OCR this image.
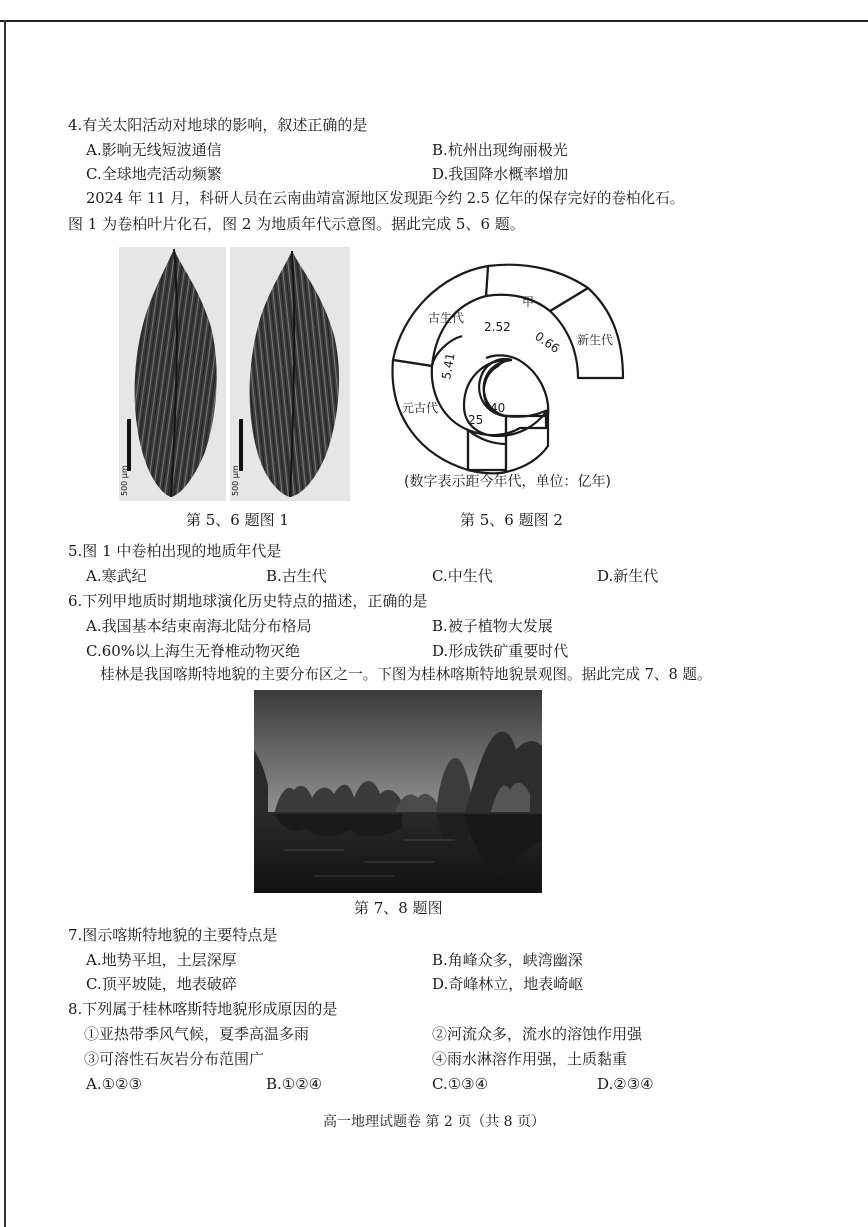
4.有关太阳活动对地球的影响，叙述正确的是
A.影响无线短波通信	B.杭州出现绚丽极光
C.全球地壳活动频繁	D.我国降水概率增加
2024 年 11 月，科研人员在云南曲靖富源地区发现距今约 2.5 亿年的保存完好的卷柏化石。
图 1 为卷柏叶片化石，图 2 为地质年代示意图。据此完成 5、6 题。
500 μm	500 μm
第 5、6 题图 1
古生代
甲
新生代
元古代
2.52
0.66
5.41
25
40
(数字表示距今年代，单位：亿年)
第 5、6 题图 2
5.图 1 中卷柏出现的地质年代是
A.寒武纪	B.古生代	C.中生代	D.新生代
6.下列甲地质时期地球演化历史特点的描述，正确的是
A.我国基本结束南海北陆分布格局	B.被子植物大发展
C.60%以上海生无脊椎动物灭绝	D.形成铁矿重要时代
桂林是我国喀斯特地貌的主要分布区之一。下图为桂林喀斯特地貌景观图。据此完成 7、8 题。
第 7、8 题图
7.图示喀斯特地貌的主要特点是
A.地势平坦，土层深厚	B.角峰众多，峡湾幽深
C.顶平坡陡，地表破碎	D.奇峰林立，地表崎岖
8.下列属于桂林喀斯特地貌形成原因的是
①亚热带季风气候，夏季高温多雨	②河流众多，流水的溶蚀作用强
③可溶性石灰岩分布范围广	④雨水淋溶作用强，土质黏重
A.①②③	B.①②④	C.①③④	D.②③④
高一地理试题卷 第 2 页（共 8 页）
